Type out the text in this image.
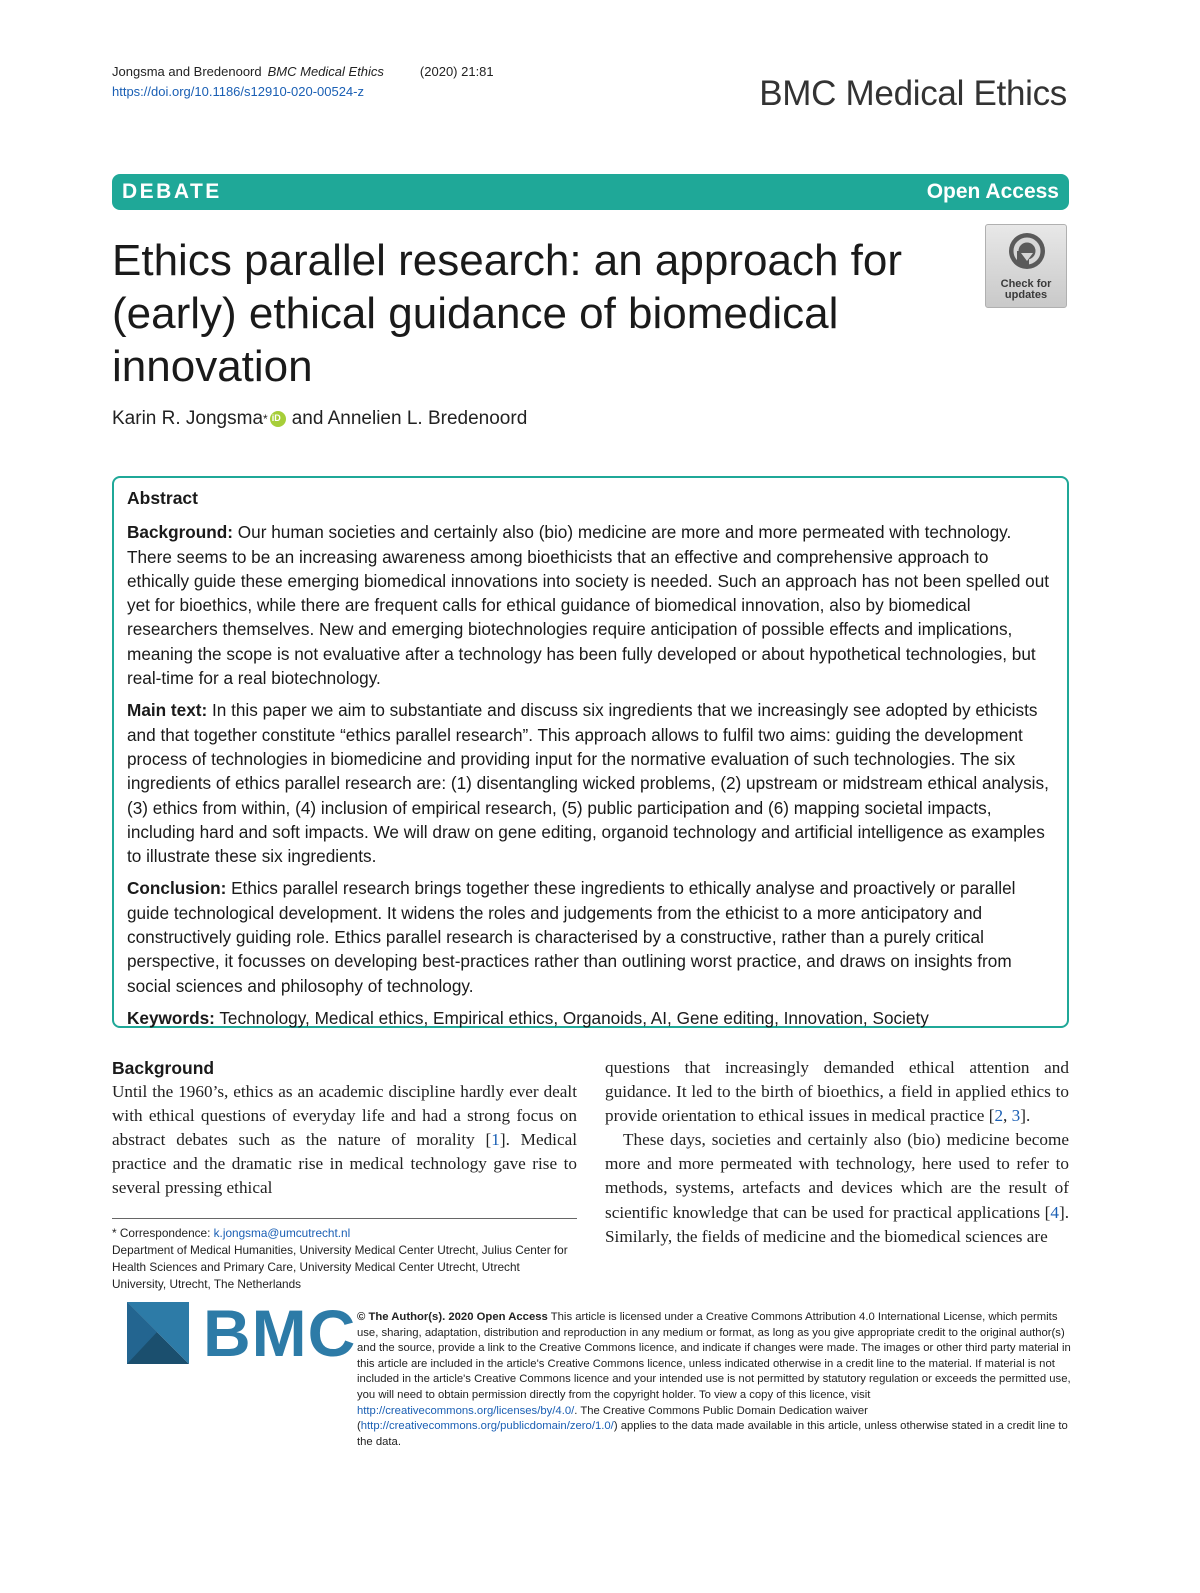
Jongsma and Bredenoord BMC Medical Ethics	(2020) 21:81
https://doi.org/10.1186/s12910-020-00524-z	BMC Medical Ethics
DEBATE	Open Access
Ethics parallel research: an approach for (early) ethical guidance of biomedical innovation
Check for updates
Karin R. Jongsma *
iD and Annelien L. Bredenoord
Abstract

Background: Our human societies and certainly also (bio) medicine are more and more permeated with technology. There seems to be an increasing awareness among bioethicists that an effective and comprehensive approach to ethically guide these emerging biomedical innovations into society is needed. Such an approach has not been spelled out yet for bioethics, while there are frequent calls for ethical guidance of biomedical innovation, also by biomedical researchers themselves. New and emerging biotechnologies require anticipation of possible effects and implications, meaning the scope is not evaluative after a technology has been fully developed or about hypothetical technologies, but real-time for a real biotechnology.

Main text: In this paper we aim to substantiate and discuss six ingredients that we increasingly see adopted by ethicists and that together constitute “ethics parallel research”. This approach allows to fulfil two aims: guiding the development process of technologies in biomedicine and providing input for the normative evaluation of such technologies. The six ingredients of ethics parallel research are: (1) disentangling wicked problems, (2) upstream or midstream ethical analysis, (3) ethics from within, (4) inclusion of empirical research, (5) public participation and (6) mapping societal impacts, including hard and soft impacts. We will draw on gene editing, organoid technology and artificial intelligence as examples to illustrate these six ingredients.

Conclusion: Ethics parallel research brings together these ingredients to ethically analyse and proactively or parallel guide technological development. It widens the roles and judgements from the ethicist to a more anticipatory and constructively guiding role. Ethics parallel research is characterised by a constructive, rather than a purely critical perspective, it focusses on developing best-practices rather than outlining worst practice, and draws on insights from social sciences and philosophy of technology.

Keywords: Technology, Medical ethics, Empirical ethics, Organoids, AI, Gene editing, Innovation, Society

Background

Until the 1960’s, ethics as an academic discipline hardly ever dealt with ethical questions of everyday life and had a strong focus on abstract debates such as the nature of morality [1]. Medical practice and the dramatic rise in medical technology gave rise to several pressing ethical

questions that increasingly demanded ethical attention and guidance. It led to the birth of bioethics, a field in applied ethics to provide orientation to ethical issues in medical practice [2, 3].

These days, societies and certainly also (bio) medicine become more and more permeated with technology, here used to refer to methods, systems, artefacts and devices which are the result of scientific knowledge that can be used for practical applications [4]. Similarly, the fields of medicine and the biomedical sciences are

* Correspondence: k.jongsma@umcutrecht.nl
Department of Medical Humanities, University Medical Center Utrecht, Julius Center for Health Sciences and Primary Care, University Medical Center Utrecht, Utrecht University, Utrecht, The Netherlands
BMC © The Author(s). 2020 Open Access This article is licensed under a Creative Commons Attribution 4.0 International License, which permits use, sharing, adaptation, distribution and reproduction in any medium or format, as long as you give appropriate credit to the original author(s) and the source, provide a link to the Creative Commons licence, and indicate if changes were made. The images or other third party material in this article are included in the article's Creative Commons licence, unless indicated otherwise in a credit line to the material. If material is not included in the article's Creative Commons licence and your intended use is not permitted by statutory regulation or exceeds the permitted use, you will need to obtain permission directly from the copyright holder. To view a copy of this licence, visit http://creativecommons.org/licenses/by/4.0/. The Creative Commons Public Domain Dedication waiver (http://creativecommons.org/publicdomain/zero/1.0/) applies to the data made available in this article, unless otherwise stated in a credit line to the data.
